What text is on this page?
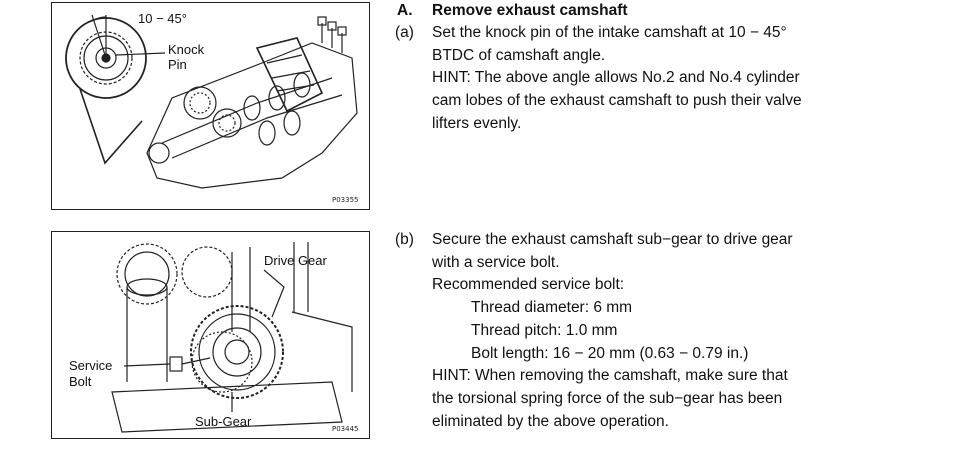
10 − 45°
Knock
Pin
P03355
Drive Gear
Service
Bolt
Sub-Gear	P03445
A. Remove exhaust camshaft
(a) Set the knock pin of the intake camshaft at 10 − 45°
BTDC of camshaft angle.
HINT: The above angle allows No.2 and No.4 cylinder
cam lobes of the exhaust camshaft to push their valve
lifters evenly.
(b) Secure the exhaust camshaft sub−gear to drive gear
with a service bolt.
Recommended service bolt:
Thread diameter: 6 mm
Thread pitch: 1.0 mm
Bolt length: 16 − 20 mm (0.63 − 0.79 in.)
HINT: When removing the camshaft, make sure that
the torsional spring force of the sub−gear has been
eliminated by the above operation.
